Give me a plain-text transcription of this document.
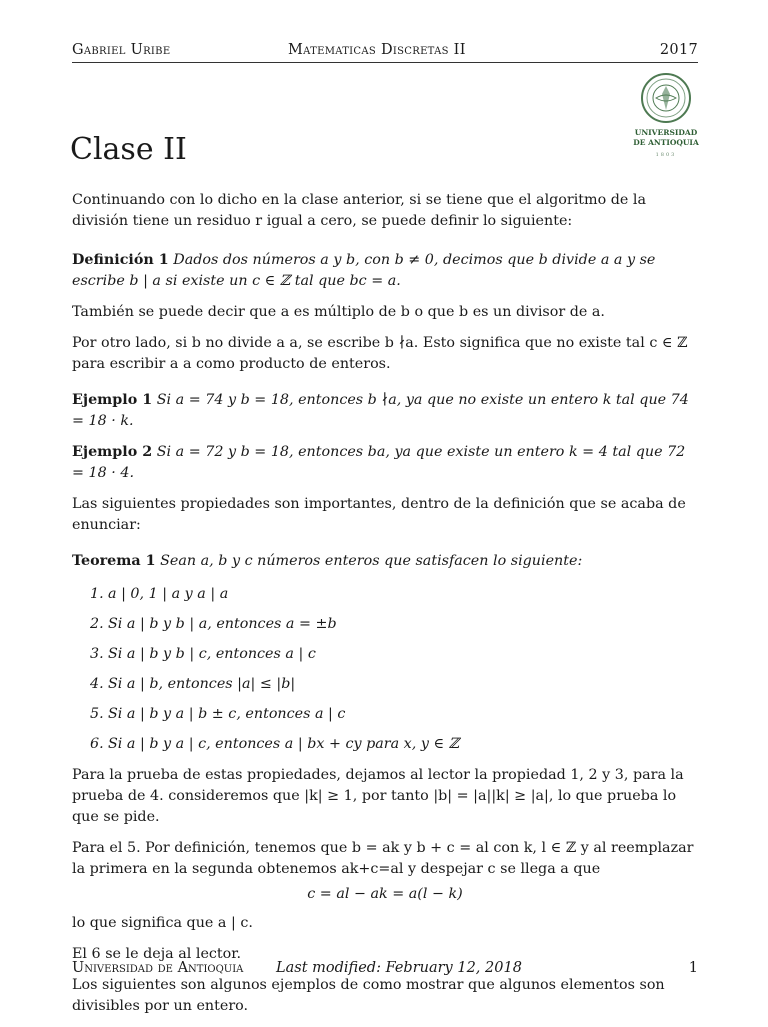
Gabriel Uribe	Matematicas Discretas II	2017
UNIVERSIDAD
DE ANTIOQUIA
1803
Clase II

Continuando con lo dicho en la clase anterior, si se tiene que el algoritmo de la división tiene un residuo r igual a cero, se puede definir lo siguiente:

Definición 1 Dados dos números a y b, con b ≠ 0, decimos que b divide a a y se escribe b | a si existe un c ∈ ℤ tal que bc = a.

También se puede decir que a es múltiplo de b o que b es un divisor de a.

Por otro lado, si b no divide a a, se escribe b ∤a. Esto significa que no existe tal c ∈ ℤ para escribir a a como producto de enteros.

Ejemplo 1 Si a = 74 y b = 18, entonces b ∤a, ya que no existe un entero k tal que 74 = 18 · k.

Ejemplo 2 Si a = 72 y b = 18, entonces ba, ya que existe un entero k = 4 tal que 72 = 18 · 4.

Las siguientes propiedades son importantes, dentro de la definición que se acaba de enunciar:

Teorema 1 Sean a, b y c números enteros que satisfacen lo siguiente:

1. a | 0, 1 | a y a | a
2. Si a | b y b | a, entonces a = ±b
3. Si a | b y b | c, entonces a | c
4. Si a | b, entonces |a| ≤ |b|
5. Si a | b y a | b ± c, entonces a | c
6. Si a | b y a | c, entonces a | bx + cy para x, y ∈ ℤ

Para la prueba de estas propiedades, dejamos al lector la propiedad 1, 2 y 3, para la prueba de 4. consideremos que |k| ≥ 1, por tanto |b| = |a||k| ≥ |a|, lo que prueba lo que se pide.

Para el 5. Por definición, tenemos que b = ak y b + c = al con k, l ∈ ℤ y al reemplazar la primera en la segunda obtenemos ak+c=al y despejar c se llega a que

c = al − ak = a(l − k)

lo que significa que a | c.

El 6 se le deja al lector.

Los siguientes son algunos ejemplos de como mostrar que algunos elementos son divisibles por un entero.

Universidad de Antioquia Last modified: February 12, 2018	1
